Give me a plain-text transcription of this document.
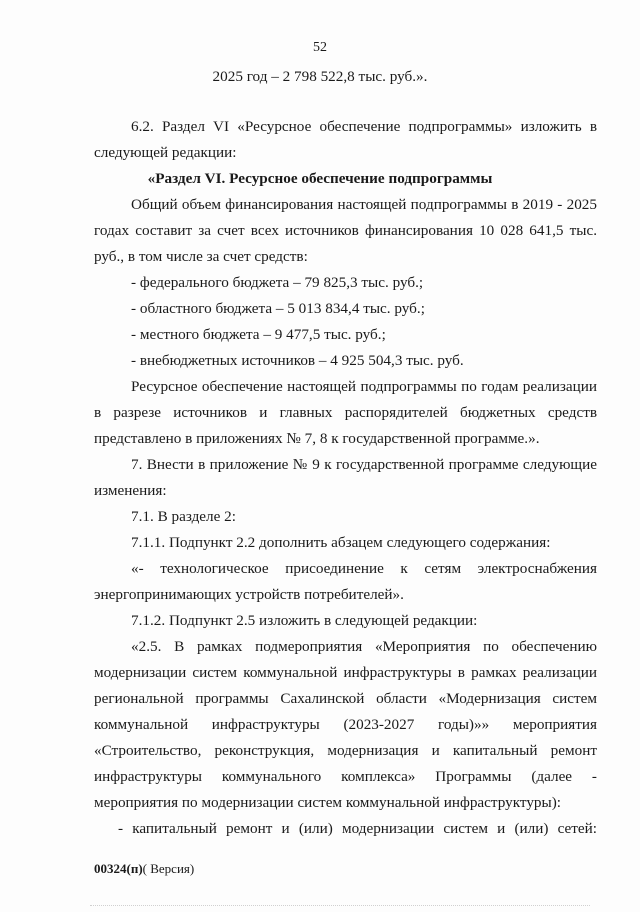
52
2025 год – 2 798 522,8 тыс. руб.».
6.2. Раздел VI «Ресурсное обеспечение подпрограммы» изложить в
следующей редакции:
«Раздел VI. Ресурсное обеспечение подпрограммы
Общий объем финансирования настоящей подпрограммы в 2019 - 2025
годах составит за счет всех источников финансирования 10 028 641,5 тыс.
руб., в том числе за счет средств:
- федерального бюджета – 79 825,3 тыс. руб.;
- областного бюджета – 5 013 834,4 тыс. руб.;
- местного бюджета – 9 477,5 тыс. руб.;
- внебюджетных источников – 4 925 504,3 тыс. руб.
Ресурсное обеспечение настоящей подпрограммы по годам реализации
в разрезе источников и главных распорядителей бюджетных средств
представлено в приложениях № 7, 8 к государственной программе.».
7. Внести в приложение № 9 к государственной программе следующие
изменения:
7.1. В разделе 2:
7.1.1. Подпункт 2.2 дополнить абзацем следующего содержания:
«- технологическое присоединение к сетям электроснабжения
энергопринимающих устройств потребителей».
7.1.2. Подпункт 2.5 изложить в следующей редакции:
«2.5. В рамках подмероприятия «Мероприятия по обеспечению
модернизации систем коммунальной инфраструктуры в рамках реализации
региональной программы Сахалинской области «Модернизация систем
коммунальной инфраструктуры (2023-2027 годы)»» мероприятия
«Строительство, реконструкция, модернизация и капитальный ремонт
инфраструктуры коммунального комплекса» Программы (далее -
мероприятия по модернизации систем коммунальной инфраструктуры):
- капитальный ремонт и (или) модернизации систем и (или) сетей:
00324(п)( Версия)
